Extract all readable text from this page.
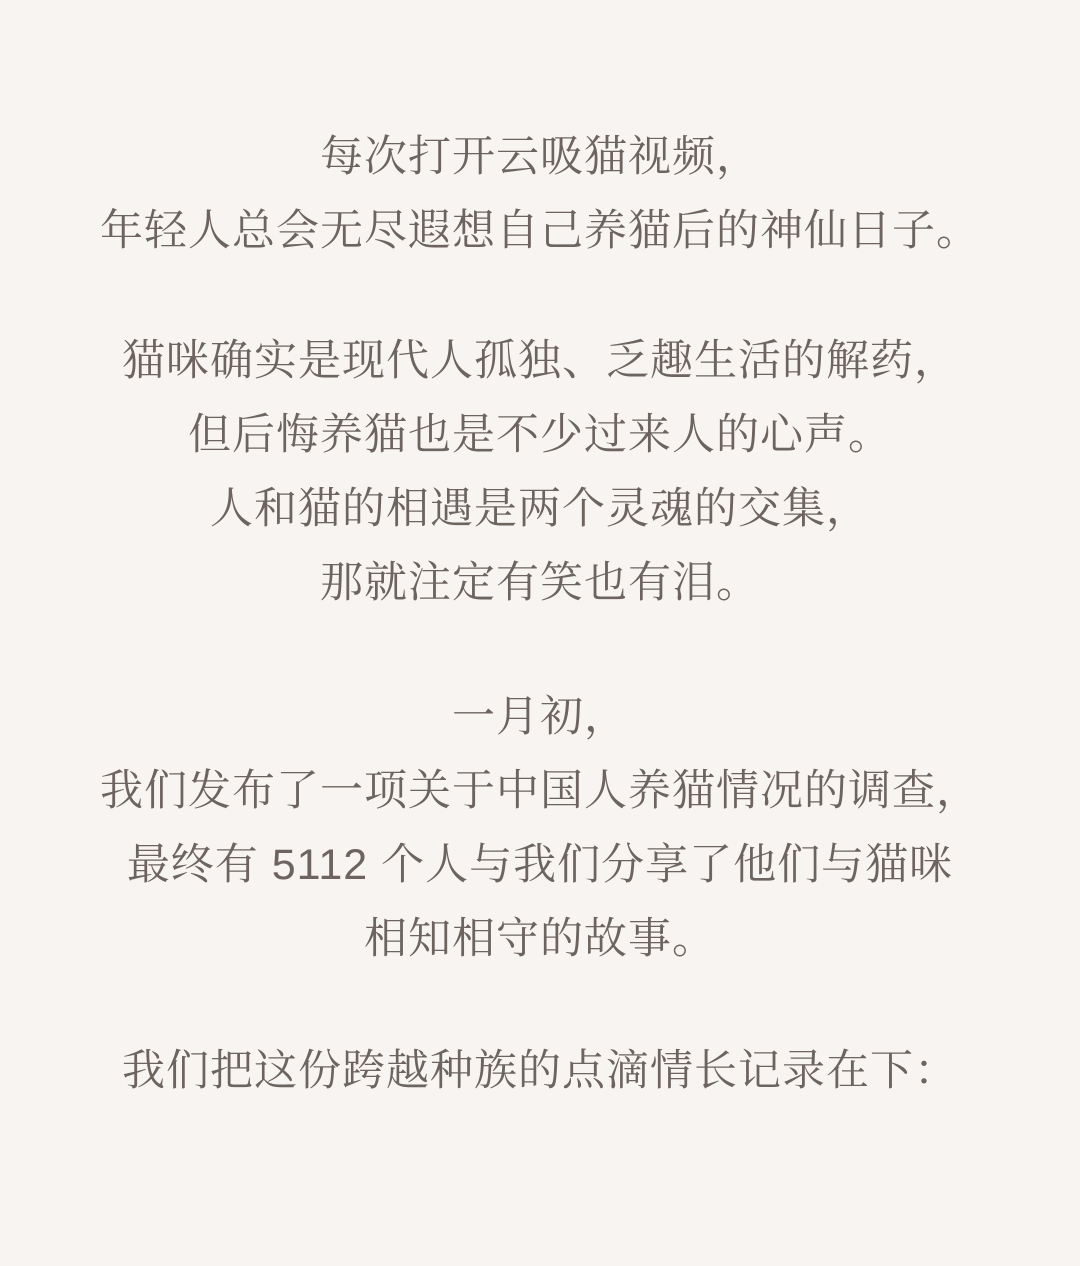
每次打开云吸猫视频，
年轻人总会无尽遐想自己养猫后的神仙日子。
猫咪确实是现代人孤独、乏趣生活的解药，
但后悔养猫也是不少过来人的心声。
人和猫的相遇是两个灵魂的交集，
那就注定有笑也有泪。
一月初，
我们发布了一项关于中国人养猫情况的调查，
最终有 5112 个人与我们分享了他们与猫咪
相知相守的故事。
我们把这份跨越种族的点滴情长记录在下：
